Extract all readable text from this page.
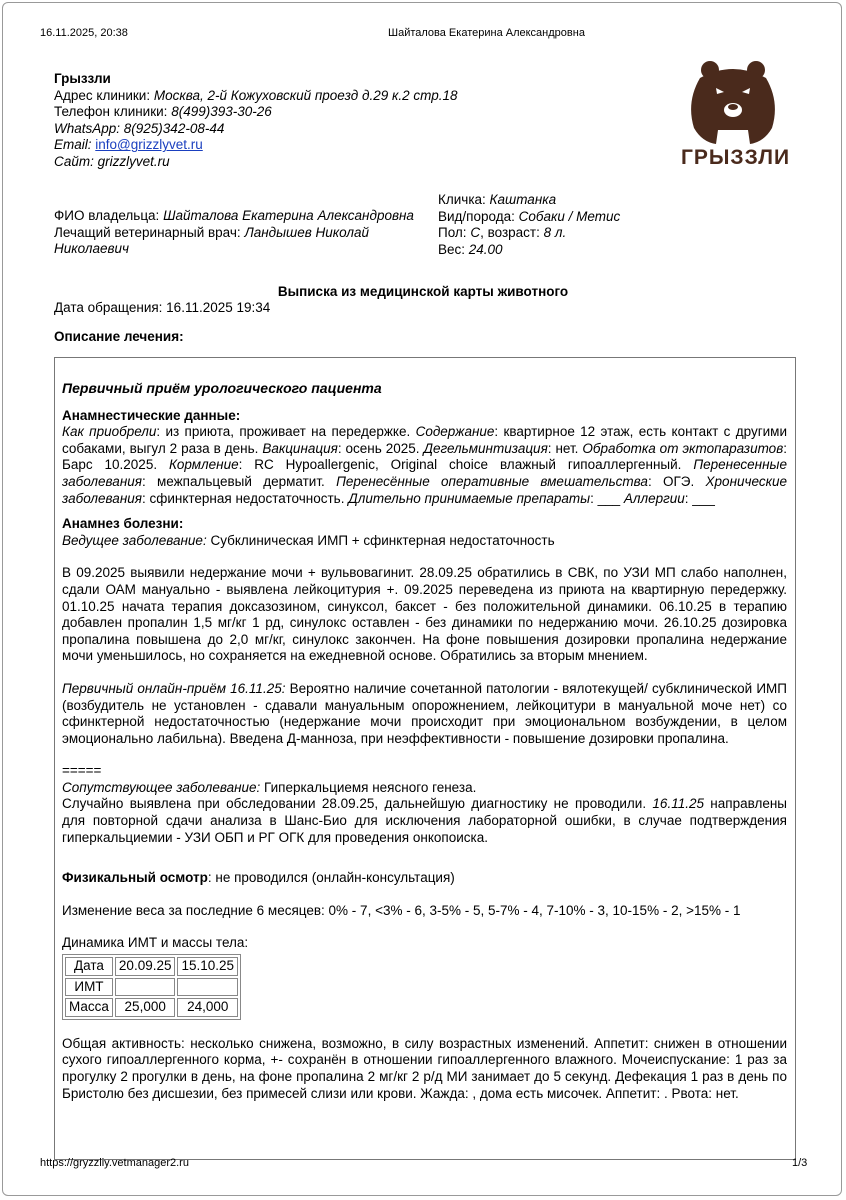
16.11.2025, 20:38	Шайталова Екатерина Александровна
Грыззли
Адрес клиники: Москва, 2-й Кожуховский проезд д.29 к.2 стр.18
Телефон клиники: 8(499)393-30-26
WhatsApp: 8(925)342-08-44
Email: info@grizzlyvet.ru
Сайт: grizzlyvet.ru	ГРЫЗЗЛИ
Кличка: Каштанка
Вид/порода: Собаки / Метис
Пол: С, возраст: 8 л.
Вес: 24.00
ФИО владельца: Шайталова Екатерина Александровна
Лечащий ветеринарный врач: Ландышев Николай Николаевич
Выписка из медицинской карты животного
Дата обращения: 16.11.2025 19:34
Описание лечения:

Первичный приём урологического пациента

Анамнестические данные:

Как приобрели: из приюта, проживает на передержке. Содержание: квартирное 12 этаж, есть контакт с другими собаками, выгул 2 раза в день. Вакцинация: осень 2025. Дегельминтизация: нет. Обработка от эктопаразитов: Барс 10.2025. Кормление: RC Hypoallergenic, Original choice влажный гипоаллергенный. Перенесенные заболевания: межпальцевый дерматит. Перенесённые оперативные вмешательства: ОГЭ. Хронические заболевания: сфинктерная недостаточность. Длительно принимаемые препараты: ___ Аллергии: ___

Анамнез болезни:

Ведущее заболевание: Субклиническая ИМП + сфинктерная недостаточность

В 09.2025 выявили недержание мочи + вульвовагинит. 28.09.25 обратились в СВК, по УЗИ МП слабо наполнен, сдали ОАМ мануально - выявлена лейкоцитурия +. 09.2025 переведена из приюта на квартирную передержку. 01.10.25 начата терапия доксазозином, синуксол, баксет - без положительной динамики. 06.10.25 в терапию добавлен пропалин 1,5 мг/кг 1 рд, синулокс оставлен - без динамики по недержанию мочи. 26.10.25 дозировка пропалина повышена до 2,0 мг/кг, синулокс закончен. На фоне повышения дозировки пропалина недержание мочи уменьшилось, но сохраняется на ежедневной основе. Обратились за вторым мнением.

Первичный онлайн-приём 16.11.25: Вероятно наличие сочетанной патологии - вялотекущей/ субклинической ИМП (возбудитель не установлен - сдавали мануальным опорожнением, лейкоцитури в мануальной моче нет) со сфинктерной недостаточностью (недержание мочи происходит при эмоциональном возбуждении, в целом эмоционально лабильна). Введена Д-манноза, при неэффективности - повышение дозировки пропалина.

=====

Сопутствующее заболевание: Гиперкальциемя неясного генеза.

Случайно выявлена при обследовании 28.09.25, дальнейшую диагностику не проводили. 16.11.25 направлены для повторной сдачи анализа в Шанс-Био для исключения лабораторной ошибки, в случае подтверждения гиперкальциемии - УЗИ ОБП и РГ ОГК для проведения онкопоиска.

Физикальный осмотр: не проводился (онлайн-консультация)

Изменение веса за последние 6 месяцев: 0% - 7, <3% - 6, 3-5% - 5, 5-7% - 4, 7-10% - 3, 10-15% - 2, >15% - 1

Динамика ИМТ и массы тела:

Дата	20.09.25	15.10.25
ИМТ		
Масса	25,000	24,000

Общая активность: несколько снижена, возможно, в силу возрастных изменений. Аппетит: снижен в отношении сухого гипоаллергенного корма, +- сохранён в отношении гипоаллергенного влажного. Мочеиспускание: 1 раз за прогулку 2 прогулки в день, на фоне пропалина 2 мг/кг 2 р/д МИ занимает до 5 секунд. Дефекация 1 раз в день по Бристолю без дисшезии, без примесей слизи или крови. Жажда: , дома есть мисочек. Аппетит: . Рвота: нет.

https://gryzzliy.vetmanager2.ru	1/3
